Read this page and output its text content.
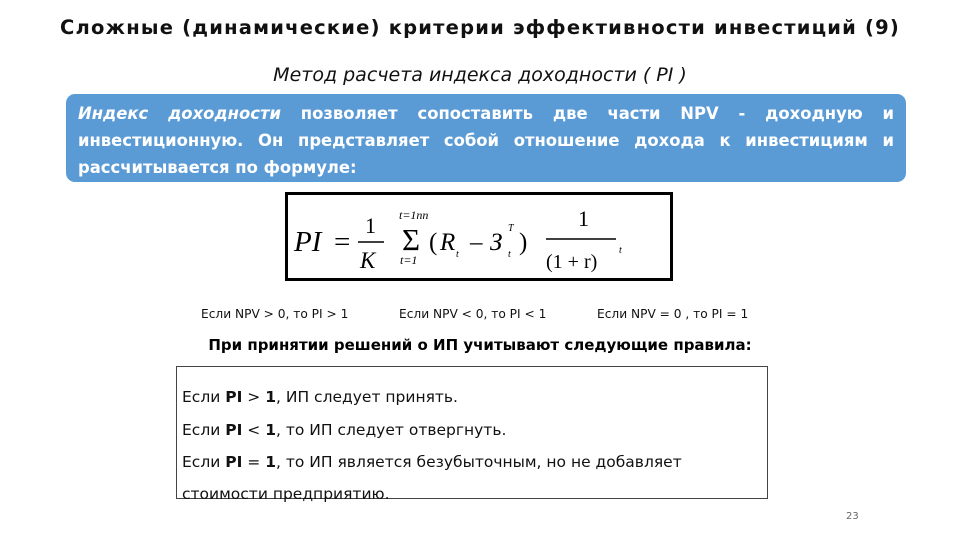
Сложные (динамические) критерии эффективности инвестиций (9)
Метод расчета индекса доходности ( PI )
Индекс доходности позволяет сопоставить две части NPV - доходную и инвестиционную. Он представляет собой отношение дохода к инвестициям и рассчитывается по формуле:
PI =
1
K
t=1nn
Σ
t=1
( R t – З
T
t )
1
(1 + r)
t
Если NPV > 0, то PI > 1	Если NPV < 0, то PI < 1	Если NPV = 0 , то PI = 1
При принятии решений о ИП учитывают следующие правила:
Если PI > 1, ИП следует принять.
Если PI < 1, то ИП следует отвергнуть.
Если PI = 1, то ИП является безубыточным, но не добавляет
стоимости предприятию.
23
